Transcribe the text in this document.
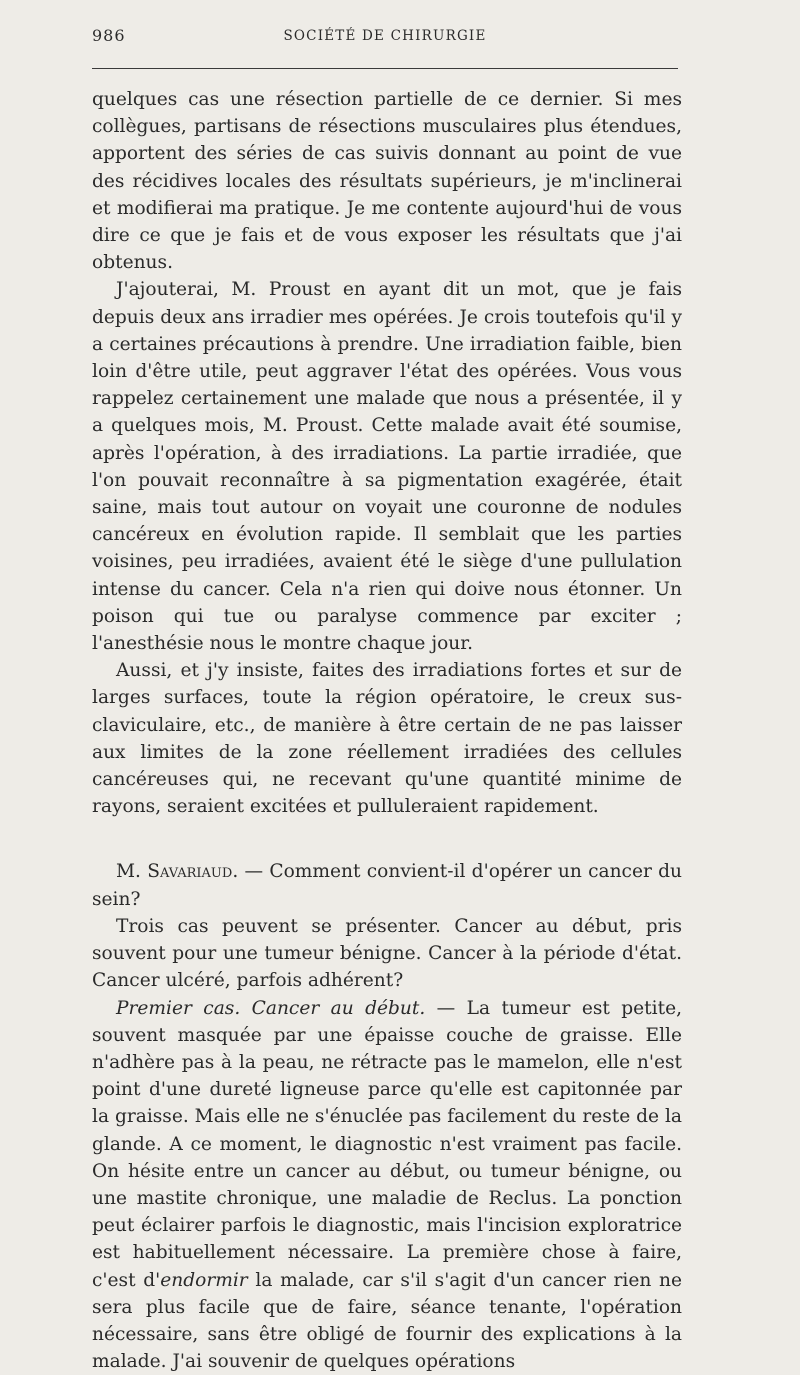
986	SOCIÉTÉ DE CHIRURGIE

quelques cas une résection partielle de ce dernier. Si mes collègues, partisans de résections musculaires plus étendues, apportent des séries de cas suivis donnant au point de vue des récidives locales des résultats supérieurs, je m'inclinerai et modifierai ma pratique. Je me contente aujourd'hui de vous dire ce que je fais et de vous exposer les résultats que j'ai obtenus.

J'ajouterai, M. Proust en ayant dit un mot, que je fais depuis deux ans irradier mes opérées. Je crois toutefois qu'il y a certaines précautions à prendre. Une irradiation faible, bien loin d'être utile, peut aggraver l'état des opérées. Vous vous rappelez certainement une malade que nous a présentée, il y a quelques mois, M. Proust. Cette malade avait été soumise, après l'opération, à des irradiations. La partie irradiée, que l'on pouvait reconnaître à sa pigmentation exagérée, était saine, mais tout autour on voyait une couronne de nodules cancéreux en évolution rapide. Il semblait que les parties voisines, peu irradiées, avaient été le siège d'une pullulation intense du cancer. Cela n'a rien qui doive nous étonner. Un poison qui tue ou paralyse commence par exciter ; l'anesthésie nous le montre chaque jour.

Aussi, et j'y insiste, faites des irradiations fortes et sur de larges surfaces, toute la région opératoire, le creux sus-claviculaire, etc., de manière à être certain de ne pas laisser aux limites de la zone réellement irradiées des cellules cancéreuses qui, ne recevant qu'une quantité minime de rayons, seraient excitées et pulluleraient rapidement.

M. Savariaud. — Comment convient-il d'opérer un cancer du sein?

Trois cas peuvent se présenter. Cancer au début, pris souvent pour une tumeur bénigne. Cancer à la période d'état. Cancer ulcéré, parfois adhérent?

Premier cas. Cancer au début. — La tumeur est petite, souvent masquée par une épaisse couche de graisse. Elle n'adhère pas à la peau, ne rétracte pas le mamelon, elle n'est point d'une dureté ligneuse parce qu'elle est capitonnée par la graisse. Mais elle ne s'énuclée pas facilement du reste de la glande. A ce moment, le diagnostic n'est vraiment pas facile. On hésite entre un cancer au début, ou tumeur bénigne, ou une mastite chronique, une maladie de Reclus. La ponction peut éclairer parfois le diagnostic, mais l'incision exploratrice est habituellement nécessaire. La première chose à faire, c'est d'endormir la malade, car s'il s'agit d'un cancer rien ne sera plus facile que de faire, séance tenante, l'opération nécessaire, sans être obligé de fournir des explications à la malade. J'ai souvenir de quelques opérations
